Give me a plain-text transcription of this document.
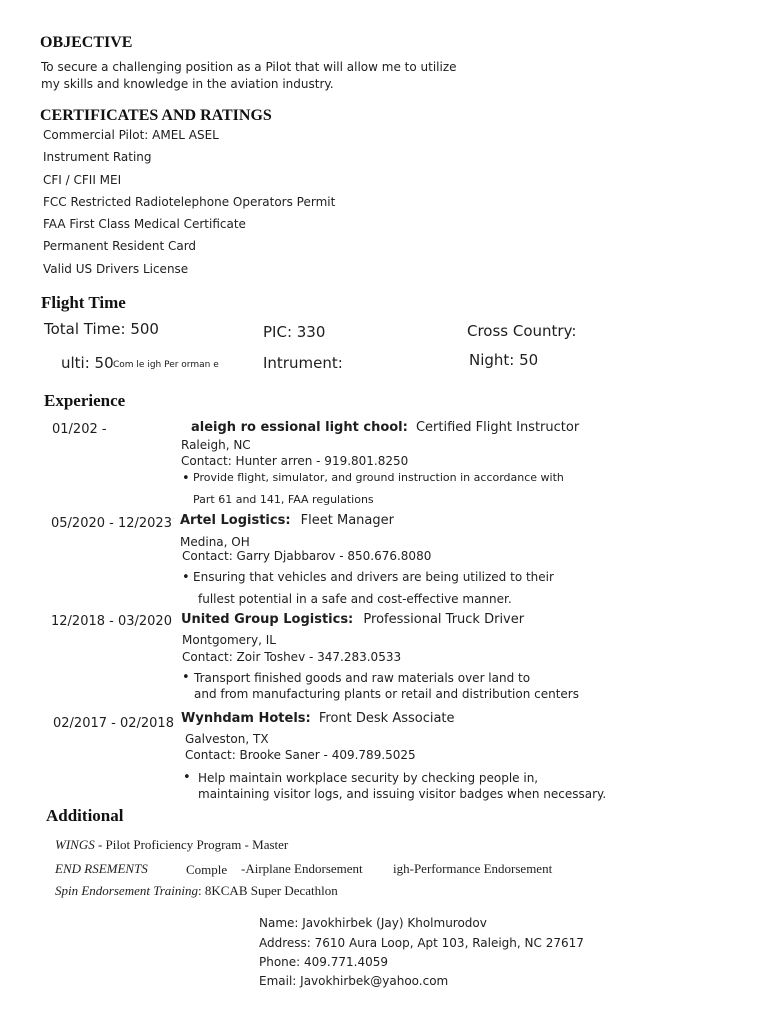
OBJECTIVE
To secure a challenging position as a Pilot that will allow me to utilize
my skills and knowledge in the aviation industry.
CERTIFICATES AND RATINGS
Commercial Pilot: AMEL ASEL
Instrument Rating
CFI / CFII MEI
FCC Restricted Radiotelephone Operators Permit
FAA First Class Medical Certificate
Permanent Resident Card
Valid US Drivers License
Flight Time
Total Time: 500	PIC: 330	Cross Country:
ulti: 50 Com le igh Per orman e	Intrument:	Night: 50
Experience
01/202 -	aleigh ro essional light chool: Certified Flight Instructor
Raleigh, NC
Contact: Hunter arren - 919.801.8250
• Provide flight, simulator, and ground instruction in accordance with
Part 61 and 141, FAA regulations
05/2020 - 12/2023 Artel Logistics: Fleet Manager
Medina, OH
Contact: Garry Djabbarov - 850.676.8080
• Ensuring that vehicles and drivers are being utilized to their
fullest potential in a safe and cost-effective manner.
12/2018 - 03/2020 United Group Logistics: Professional Truck Driver
Montgomery, IL
Contact: Zoir Toshev - 347.283.0533
• Transport finished goods and raw materials over land to
and from manufacturing plants or retail and distribution centers
02/2017 - 02/2018 Wynhdam Hotels: Front Desk Associate
Galveston, TX
Contact: Brooke Saner - 409.789.5025
• Help maintain workplace security by checking people in,
maintaining visitor logs, and issuing visitor badges when necessary.
Additional
WINGS - Pilot Proficiency Program - Master
END RSEMENTS	Comple -Airplane Endorsement igh-Performance Endorsement
Spin Endorsement Training: 8KCAB Super Decathlon
Name: Javokhirbek (Jay) Kholmurodov
Address: 7610 Aura Loop, Apt 103, Raleigh, NC 27617
Phone: 409.771.4059
Email: Javokhirbek@yahoo.com
